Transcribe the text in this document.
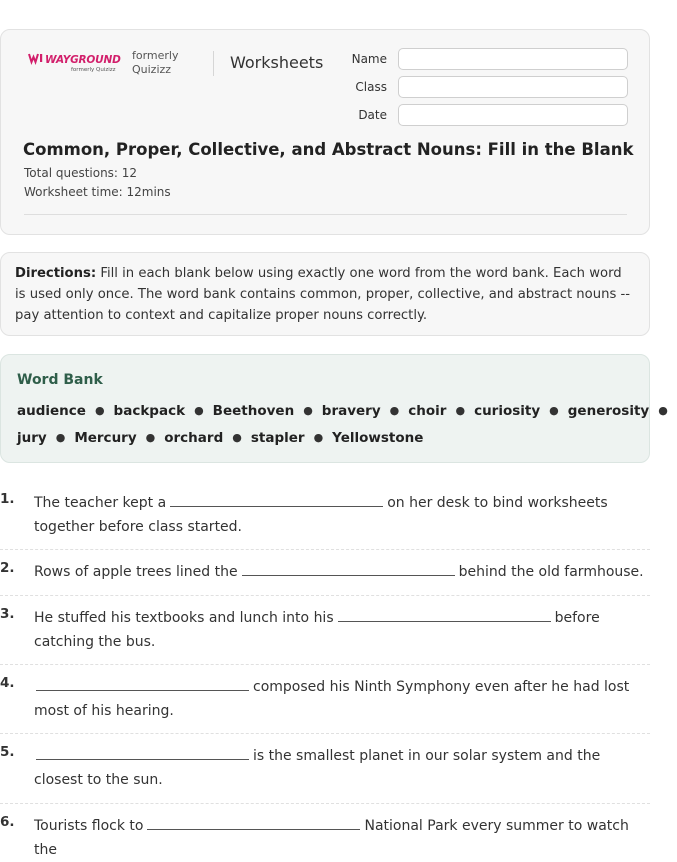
WAYGROUND
formerly Quizizz
formerly
Quizizz	Worksheets	Name
Class
Date
Common, Proper, Collective, and Abstract Nouns: Fill in the Blank
Total questions: 12
Worksheet time: 12mins
Directions: Fill in each blank below using exactly one word from the word bank. Each word is used only once. The word bank contains common, proper, collective, and abstract nouns -- pay attention to context and capitalize proper nouns correctly.
Word Bank
audience ● backpack ● Beethoven ● bravery ● choir ● curiosity ● generosity ●
jury ● Mercury ● orchard ● stapler ● Yellowstone
1. The teacher kept a	on her desk to bind worksheets together before class started.
2. Rows of apple trees lined the	behind the old farmhouse.
3. He stuffed his textbooks and lunch into his	before catching the bus.
4.	composed his Ninth Symphony even after he had lost most of his hearing.
5.	is the smallest planet in our solar system and the closest to the sun.
6. Tourists flock to	National Park every summer to watch the
